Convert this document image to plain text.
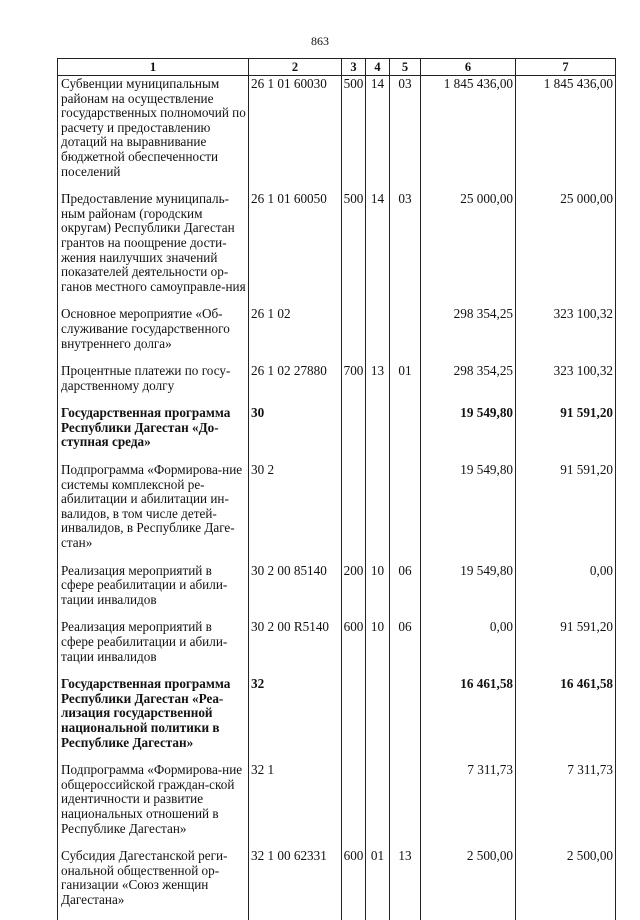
863
1	2	3	4	5	6	7
Субвенции муниципальным районам на осуществление государственных полномочий по расчету и предоставлению дотаций на выравнивание бюджетной обеспеченности поселений	26 1 01 60030	500	14	03	1 845 436,00	1 845 436,00
Предоставление муниципаль-ным районам (городским округам) Республики Дагестан грантов на поощрение дости-жения наилучших значений показателей деятельности ор-ганов местного самоуправле-ния	26 1 01 60050	500	14	03	25 000,00	25 000,00
Основное мероприятие «Об-служивание государственного внутреннего долга»	26 1 02				298 354,25	323 100,32
Процентные платежи по госу-дарственному долгу	26 1 02 27880	700	13	01	298 354,25	323 100,32
Государственная программа Республики Дагестан «До-ступная среда»	30				19 549,80	91 591,20
Подпрограмма «Формирова-ние системы комплексной ре-абилитации и абилитации ин-валидов, в том числе детей-инвалидов, в Республике Даге-стан»	30 2				19 549,80	91 591,20
Реализация мероприятий в сфере реабилитации и абили-тации инвалидов	30 2 00 85140	200	10	06	19 549,80	0,00
Реализация мероприятий в сфере реабилитации и абили-тации инвалидов	30 2 00 R5140	600	10	06	0,00	91 591,20
Государственная программа Республики Дагестан «Реа-лизация государственной национальной политики в Республике Дагестан»	32				16 461,58	16 461,58
Подпрограмма «Формирова-ние общероссийской граждан-ской идентичности и развитие национальных отношений в Республике Дагестан»	32 1				7 311,73	7 311,73
Субсидия Дагестанской реги-ональной общественной ор-ганизации «Союз женщин Дагестана»	32 1 00 62331	600	01	13	2 500,00	2 500,00
